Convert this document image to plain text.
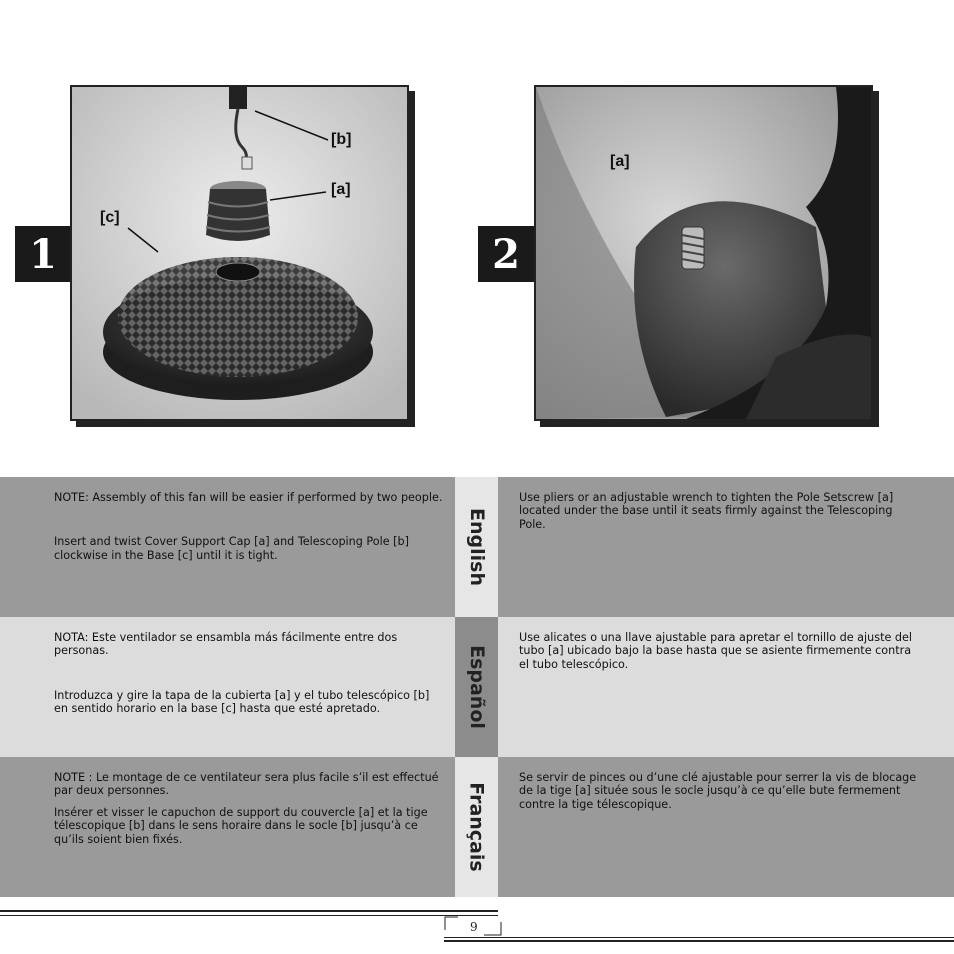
1
[b]
[a]
[c]
2
[a]
English
Español
Français

NOTE: Assembly of this fan will be easier if performed by two people.

Insert and twist Cover Support Cap [a] and Telescoping Pole [b] clockwise in the Base [c] until it is tight.

Use pliers or an adjustable wrench to tighten the Pole Setscrew [a] located under the base until it seats firmly against the Telescoping Pole.

NOTA: Este ventilador se ensambla más fácilmente entre dos personas.

Introduzca y gire la tapa de la cubierta [a] y el tubo telescópico [b] en sentido horario en la base [c] hasta que esté apretado.

Use alicates o una llave ajustable para apretar el tornillo de ajuste del tubo [a] ubicado bajo la base hasta que se asiente firmemente contra el tubo telescópico.

NOTE : Le montage de ce ventilateur sera plus facile s’il est effectué par deux personnes.

Insérer et visser le capuchon de support du couvercle [a] et la tige télescopique [b] dans le sens horaire dans le socle [b] jusqu’à ce qu’ils soient bien fixés.

Se servir de pinces ou d’une clé ajustable pour serrer la vis de blocage de la tige [a] située sous le socle jusqu’à ce qu’elle bute fermement contre la tige télescopique.

9
